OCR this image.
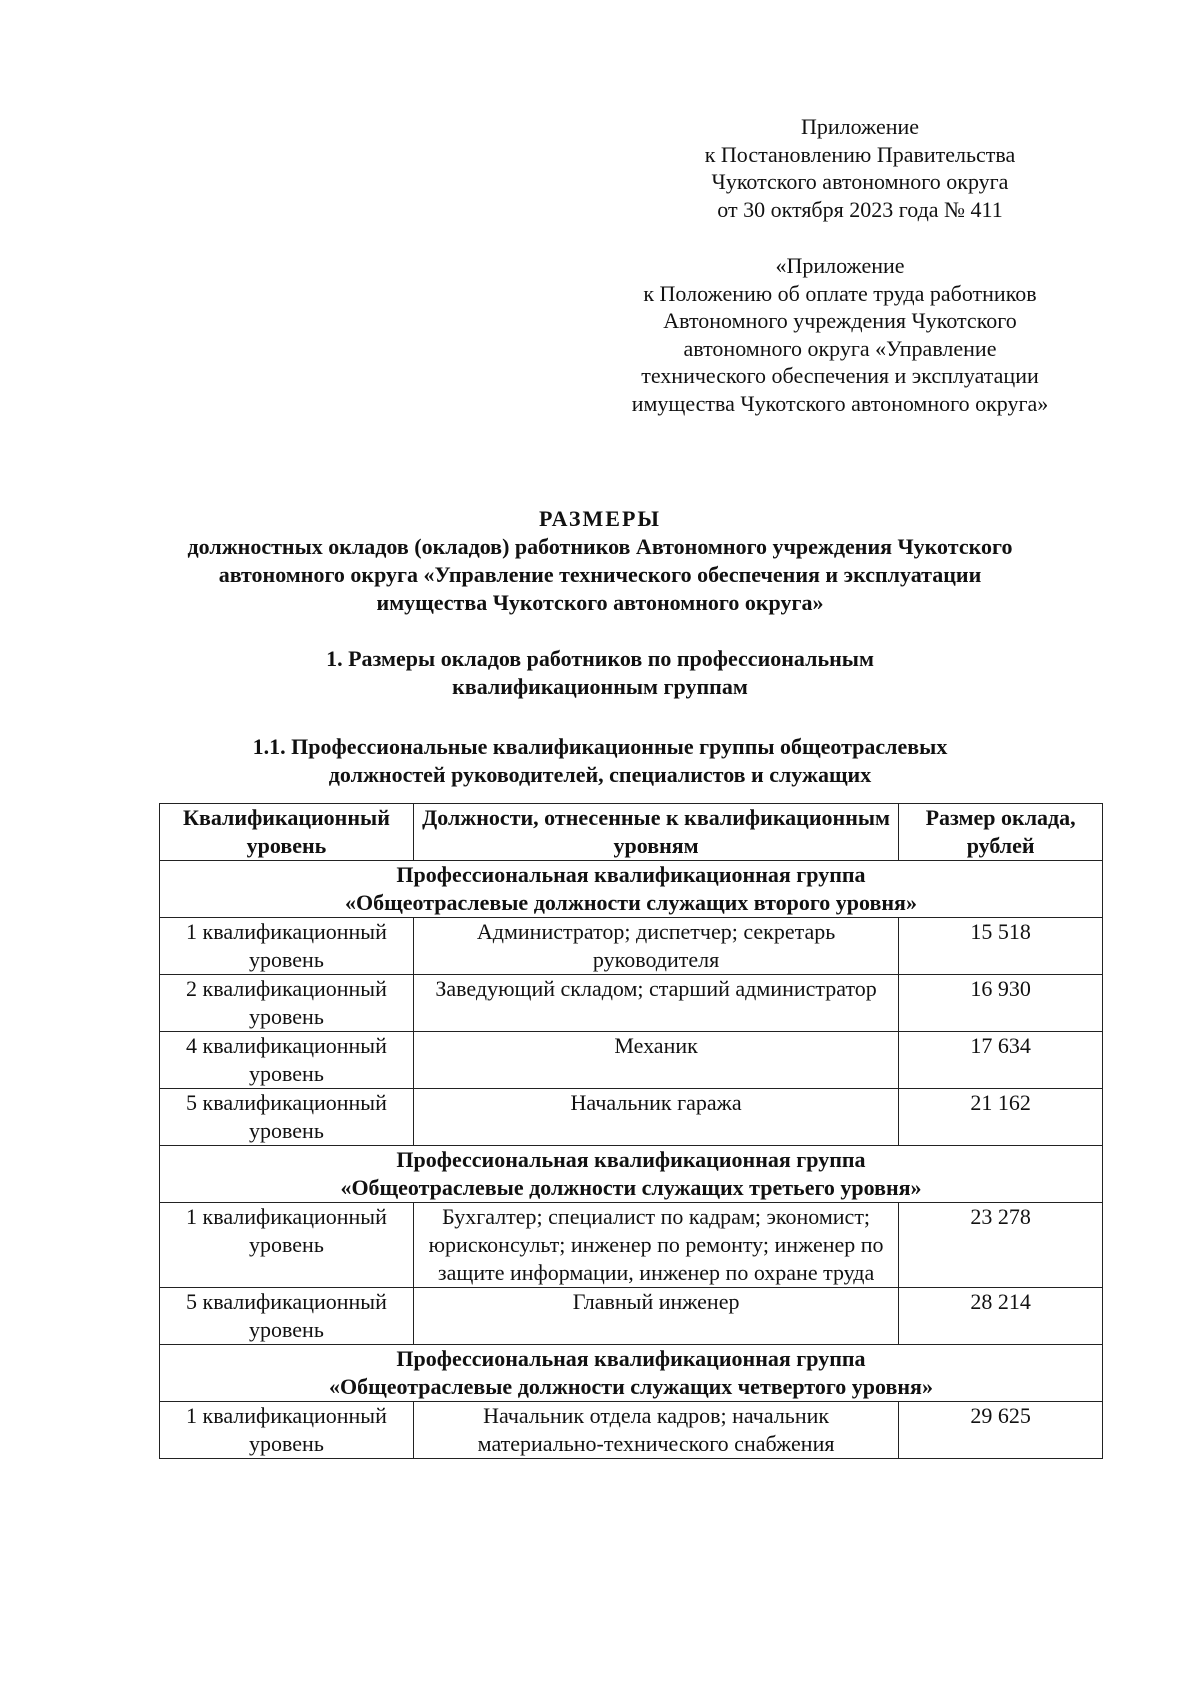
Приложение
к Постановлению Правительства
Чукотского автономного округа
от 30 октября 2023 года № 411
«Приложение
к Положению об оплате труда работников
Автономного учреждения Чукотского
автономного округа «Управление
технического обеспечения и эксплуатации
имущества Чукотского автономного округа»
РАЗМЕРЫ
должностных окладов (окладов) работников Автономного учреждения Чукотского
автономного округа «Управление технического обеспечения и эксплуатации
имущества Чукотского автономного округа»
1. Размеры окладов работников по профессиональным
квалификационным группам
1.1. Профессиональные квалификационные группы общеотраслевых
должностей руководителей, специалистов и служащих
Квалификационный уровень	Должности, отнесенные к квалификационным уровням	Размер оклада, рублей

Профессиональная квалификационная группа
«Общеотраслевые должности служащих второго уровня»		

1 квалификационный уровень	Администратор; диспетчер; секретарь руководителя	15 518
2 квалификационный уровень	Заведующий складом; старший администратор	16 930
4 квалификационный уровень	Механик	17 634
5 квалификационный уровень	Начальник гаража	21 162

Профессиональная квалификационная группа
«Общеотраслевые должности служащих третьего уровня»		

1 квалификационный уровень	Бухгалтер; специалист по кадрам; экономист; юрисконсульт; инженер по ремонту; инженер по защите информации, инженер по охране труда	23 278
5 квалификационный уровень	Главный инженер	28 214

Профессиональная квалификационная группа
«Общеотраслевые должности служащих четвертого уровня»		

1 квалификационный уровень	Начальник отдела кадров; начальник материально-технического снабжения	29 625
